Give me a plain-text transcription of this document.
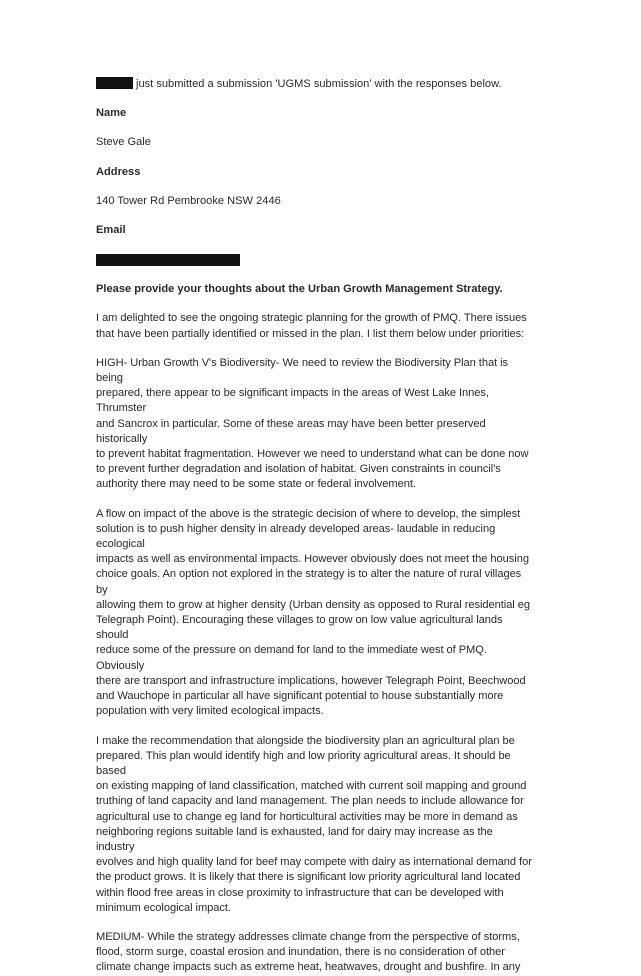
just submitted a submission 'UGMS submission' with the responses below.

Name

Steve Gale

Address

140 Tower Rd Pembrooke NSW 2446

Email

Please provide your thoughts about the Urban Growth Management Strategy.

I am delighted to see the ongoing strategic planning for the growth of PMQ. There issues
that have been partially identified or missed in the plan. I list them below under priorities:

HIGH- Urban Growth V's Biodiversity- We need to review the Biodiversity Plan that is being
prepared, there appear to be significant impacts in the areas of West Lake Innes, Thrumster
and Sancrox in particular. Some of these areas may have been better preserved historically
to prevent habitat fragmentation. However we need to understand what can be done now
to prevent further degradation and isolation of habitat. Given constraints in council's
authority there may need to be some state or federal involvement.

A flow on impact of the above is the strategic decision of where to develop, the simplest
solution is to push higher density in already developed areas- laudable in reducing ecological
impacts as well as environmental impacts. However obviously does not meet the housing
choice goals. An option not explored in the strategy is to alter the nature of rural villages by
allowing them to grow at higher density (Urban density as opposed to Rural residential eg
Telegraph Point). Encouraging these villages to grow on low value agricultural lands should
reduce some of the pressure on demand for land to the immediate west of PMQ. Obviously
there are transport and infrastructure implications, however Telegraph Point, Beechwood
and Wauchope in particular all have significant potential to house substantially more
population with very limited ecological impacts.

I make the recommendation that alongside the biodiversity plan an agricultural plan be
prepared. This plan would identify high and low priority agricultural areas. It should be based
on existing mapping of land classification, matched with current soil mapping and ground
truthing of land capacity and land management. The plan needs to include allowance for
agricultural use to change eg land for horticultural activities may be more in demand as
neighboring regions suitable land is exhausted, land for dairy may increase as the industry
evolves and high quality land for beef may compete with dairy as international demand for
the product grows. It is likely that there is significant low priority agricultural land located
within flood free areas in close proximity to infrastructure that can be developed with
minimum ecological impact.

MEDIUM- While the strategy addresses climate change from the perspective of storms,
flood, storm surge, coastal erosion and inundation, there is no consideration of other
climate change impacts such as extreme heat, heatwaves, drought and bushfire. In any
